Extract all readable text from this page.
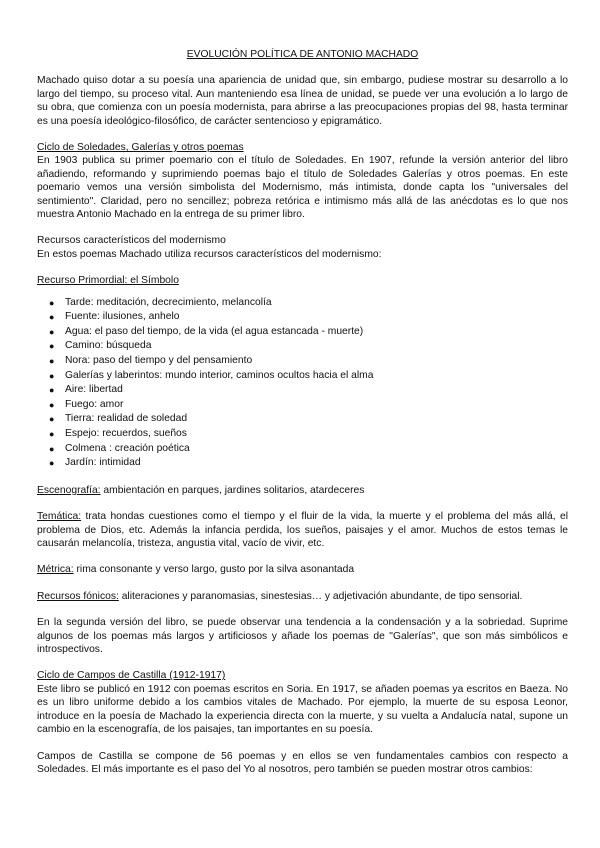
EVOLUCIÓN POLÍTICA DE ANTONIO MACHADO

Machado quiso dotar a su poesía una apariencia de unidad que, sin embargo, pudiese mostrar su desarrollo a lo largo del tiempo, su proceso vital. Aun manteniendo esa línea de unidad, se puede ver una evolución a lo largo de su obra, que comienza con un poesía modernista, para abrirse a las preocupaciones propias del 98, hasta terminar es una poesía ideológico-filosófico, de carácter sentencioso y epigramático.

Ciclo de Soledades, Galerías y otros poemas

En 1903 publica su primer poemario con el título de Soledades. En 1907, refunde la versión anterior del libro añadiendo, reformando y suprimiendo poemas bajo el título de Soledades Galerías y otros poemas. En este poemario vemos una versión simbolista del Modernismo, más intimista, donde capta los "universales del sentimiento". Claridad, pero no sencillez; pobreza retórica e intimismo más allá de las anécdotas es lo que nos muestra Antonio Machado en la entrega de su primer libro.

Recursos característicos del modernismo

En estos poemas Machado utiliza recursos característicos del modernismo:

Recurso Primordial: el Símbolo
● Tarde: meditación, decrecimiento, melancolía
● Fuente: ilusiones, anhelo
● Agua: el paso del tiempo, de la vida (el agua estancada - muerte)
● Camino: búsqueda
● Nora: paso del tiempo y del pensamiento
● Galerías y laberintos: mundo interior, caminos ocultos hacia el alma
● Aire: libertad
● Fuego: amor
● Tierra: realidad de soledad
● Espejo: recuerdos, sueños
● Colmena : creación poética
● Jardín: intimidad

Escenografía: ambientación en parques, jardines solitarios, atardeceres

Temática: trata hondas cuestiones como el tiempo y el fluir de la vida, la muerte y el problema del más allá, el problema de Dios, etc. Además la infancia perdida, los sueños, paisajes y el amor. Muchos de estos temas le causarán melancolía, tristeza, angustia vital, vacío de vivir, etc.

Métrica: rima consonante y verso largo, gusto por la silva asonantada

Recursos fónicos: aliteraciones y paranomasias, sinestesias… y adjetivación abundante, de tipo sensorial.

En la segunda versión del libro, se puede observar una tendencia a la condensación y a la sobriedad. Suprime algunos de los poemas más largos y artificiosos y añade los poemas de "Galerías", que son más simbólicos e introspectivos.

Ciclo de Campos de Castilla (1912-1917)

Este libro se publicó en 1912 con poemas escritos en Soria. En 1917, se añaden poemas ya escritos en Baeza. No es un libro uniforme debido a los cambios vitales de Machado. Por ejemplo, la muerte de su esposa Leonor, introduce en la poesía de Machado la experiencia directa con la muerte, y su vuelta a Andalucía natal, supone un cambio en la escenografía, de los paisajes, tan importantes en su poesía.

Campos de Castilla se compone de 56 poemas y en ellos se ven fundamentales cambios con respecto a Soledades. El más importante es el paso del Yo al nosotros, pero también se pueden mostrar otros cambios:
